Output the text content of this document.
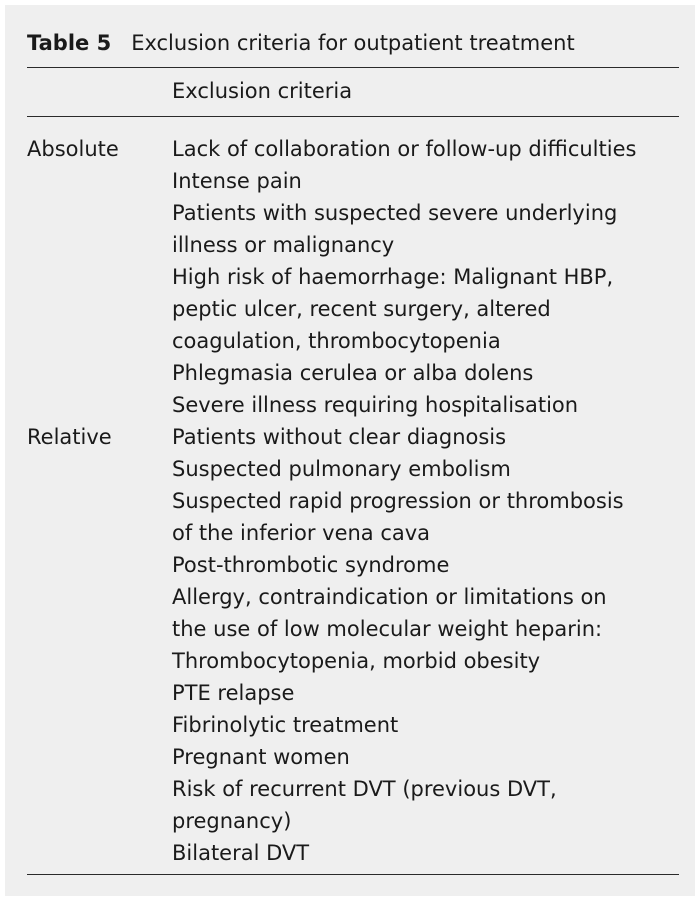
Table 5 Exclusion criteria for outpatient treatment
Exclusion criteria
Absolute	Lack of collaboration or follow-up difficulties
Intense pain
Patients with suspected severe underlying
illness or malignancy
High risk of haemorrhage: Malignant HBP,
peptic ulcer, recent surgery, altered
coagulation, thrombocytopenia
Phlegmasia cerulea or alba dolens
Severe illness requiring hospitalisation
Relative	Patients without clear diagnosis
Suspected pulmonary embolism
Suspected rapid progression or thrombosis
of the inferior vena cava
Post-thrombotic syndrome
Allergy, contraindication or limitations on
the use of low molecular weight heparin:
Thrombocytopenia, morbid obesity
PTE relapse
Fibrinolytic treatment
Pregnant women
Risk of recurrent DVT (previous DVT,
pregnancy)
Bilateral DVT
